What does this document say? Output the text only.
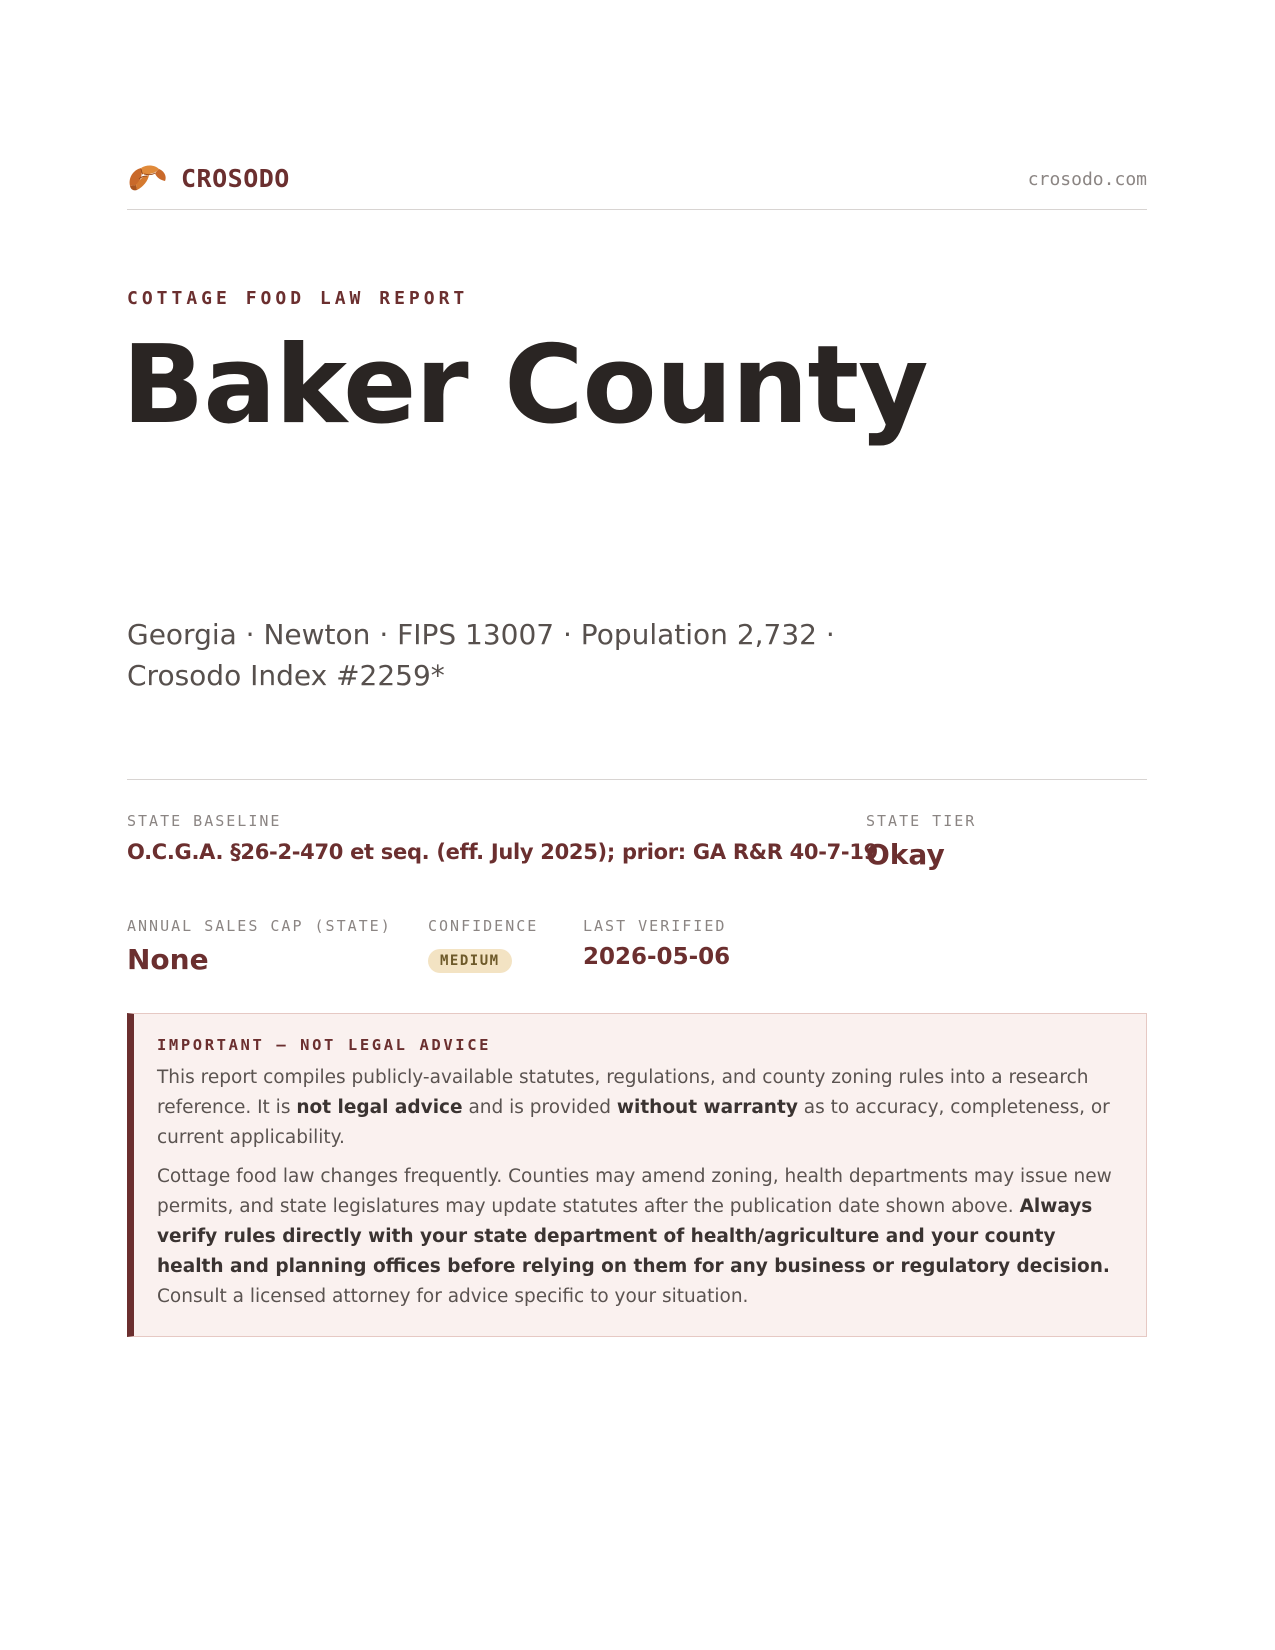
CROSODO	crosodo.com
COTTAGE FOOD LAW REPORT
Baker County
Georgia · Newton · FIPS 13007 · Population 2,732 · Crosodo Index #2259*
STATE BASELINE
O.C.G.A. §26-2-470 et seq. (eff. July 2025); prior: GA R&R 40-7-19
STATE TIER
Okay
ANNUAL SALES CAP (STATE)
None
CONFIDENCE
MEDIUM
LAST VERIFIED
2026-05-06
IMPORTANT — NOT LEGAL ADVICE

This report compiles publicly-available statutes, regulations, and county zoning rules into a research reference. It is not legal advice and is provided without warranty as to accuracy, completeness, or current applicability.

Cottage food law changes frequently. Counties may amend zoning, health departments may issue new permits, and state legislatures may update statutes after the publication date shown above. Always verify rules directly with your state department of health/agriculture and your county health and planning offices before relying on them for any business or regulatory decision. Consult a licensed attorney for advice specific to your situation.
